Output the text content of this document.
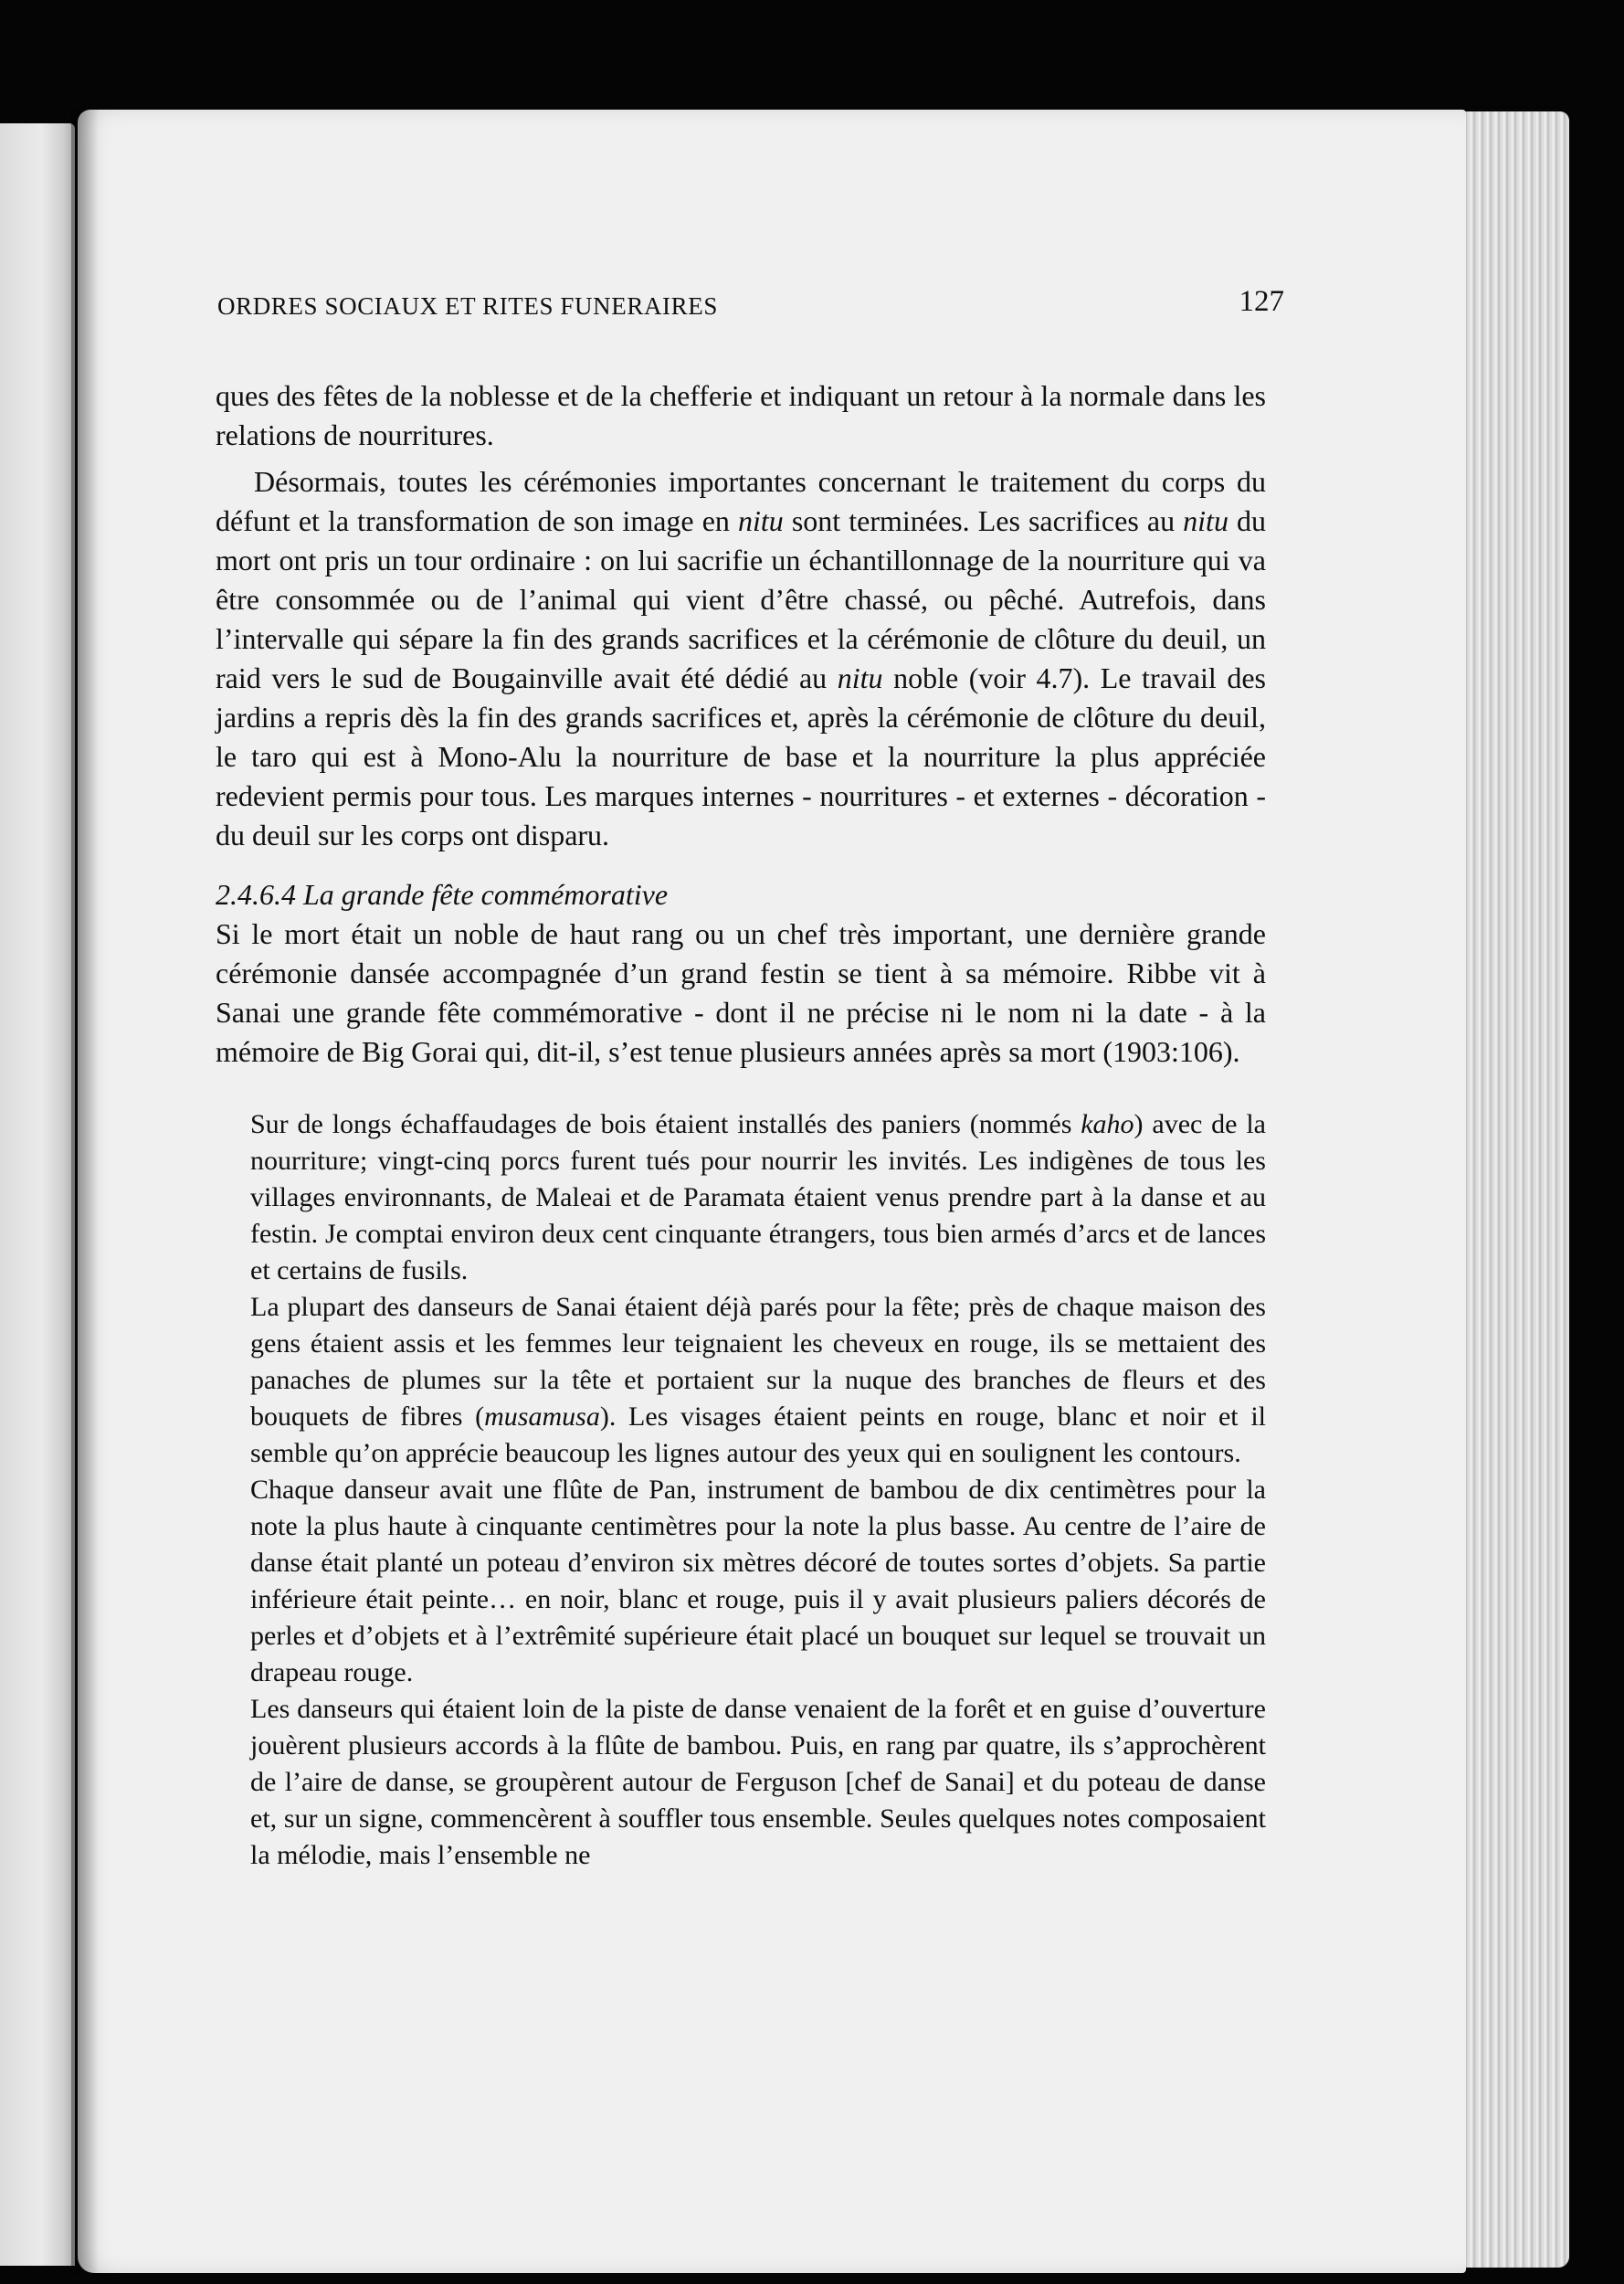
ORDRES SOCIAUX ET RITES FUNERAIRES	127

ques des fêtes de la noblesse et de la chefferie et indiquant un retour à la normale dans les relations de nourritures.

Désormais, toutes les cérémonies importantes concernant le traitement du corps du défunt et la transformation de son image en nitu sont terminées. Les sacrifices au nitu du mort ont pris un tour ordinaire : on lui sacrifie un échantillonnage de la nourriture qui va être consommée ou de l’animal qui vient d’être chassé, ou pêché. Autrefois, dans l’intervalle qui sépare la fin des grands sacrifices et la cérémonie de clôture du deuil, un raid vers le sud de Bougainville avait été dédié au nitu noble (voir 4.7). Le travail des jardins a repris dès la fin des grands sacrifices et, après la cérémonie de clôture du deuil, le taro qui est à Mono-Alu la nourriture de base et la nourriture la plus appréciée redevient permis pour tous. Les marques internes - nourritures - et externes - décoration - du deuil sur les corps ont disparu.

2.4.6.4 La grande fête commémorative

Si le mort était un noble de haut rang ou un chef très important, une dernière grande cérémonie dansée accompagnée d’un grand festin se tient à sa mémoire. Ribbe vit à Sanai une grande fête commémorative - dont il ne précise ni le nom ni la date - à la mémoire de Big Gorai qui, dit-il, s’est tenue plusieurs années après sa mort (1903:106).

Sur de longs échaffaudages de bois étaient installés des paniers (nommés kaho) avec de la nourriture; vingt-cinq porcs furent tués pour nourrir les invités. Les indigènes de tous les villages environnants, de Maleai et de Paramata étaient venus prendre part à la danse et au festin. Je comptai environ deux cent cinquante étrangers, tous bien armés d’arcs et de lances et certains de fusils.

La plupart des danseurs de Sanai étaient déjà parés pour la fête; près de chaque maison des gens étaient assis et les femmes leur teignaient les cheveux en rouge, ils se mettaient des panaches de plumes sur la tête et portaient sur la nuque des branches de fleurs et des bouquets de fibres (musamusa). Les visages étaient peints en rouge, blanc et noir et il semble qu’on apprécie beaucoup les lignes autour des yeux qui en soulignent les contours.

Chaque danseur avait une flûte de Pan, instrument de bambou de dix centimètres pour la note la plus haute à cinquante centimètres pour la note la plus basse. Au centre de l’aire de danse était planté un poteau d’environ six mètres décoré de toutes sortes d’objets. Sa partie inférieure était peinte… en noir, blanc et rouge, puis il y avait plusieurs paliers décorés de perles et d’objets et à l’extrêmité supérieure était placé un bouquet sur lequel se trouvait un drapeau rouge.

Les danseurs qui étaient loin de la piste de danse venaient de la forêt et en guise d’ouverture jouèrent plusieurs accords à la flûte de bambou. Puis, en rang par quatre, ils s’approchèrent de l’aire de danse, se groupèrent autour de Ferguson [chef de Sanai] et du poteau de danse et, sur un signe, commencèrent à souffler tous ensemble. Seules quelques notes composaient la mélodie, mais l’ensemble ne
